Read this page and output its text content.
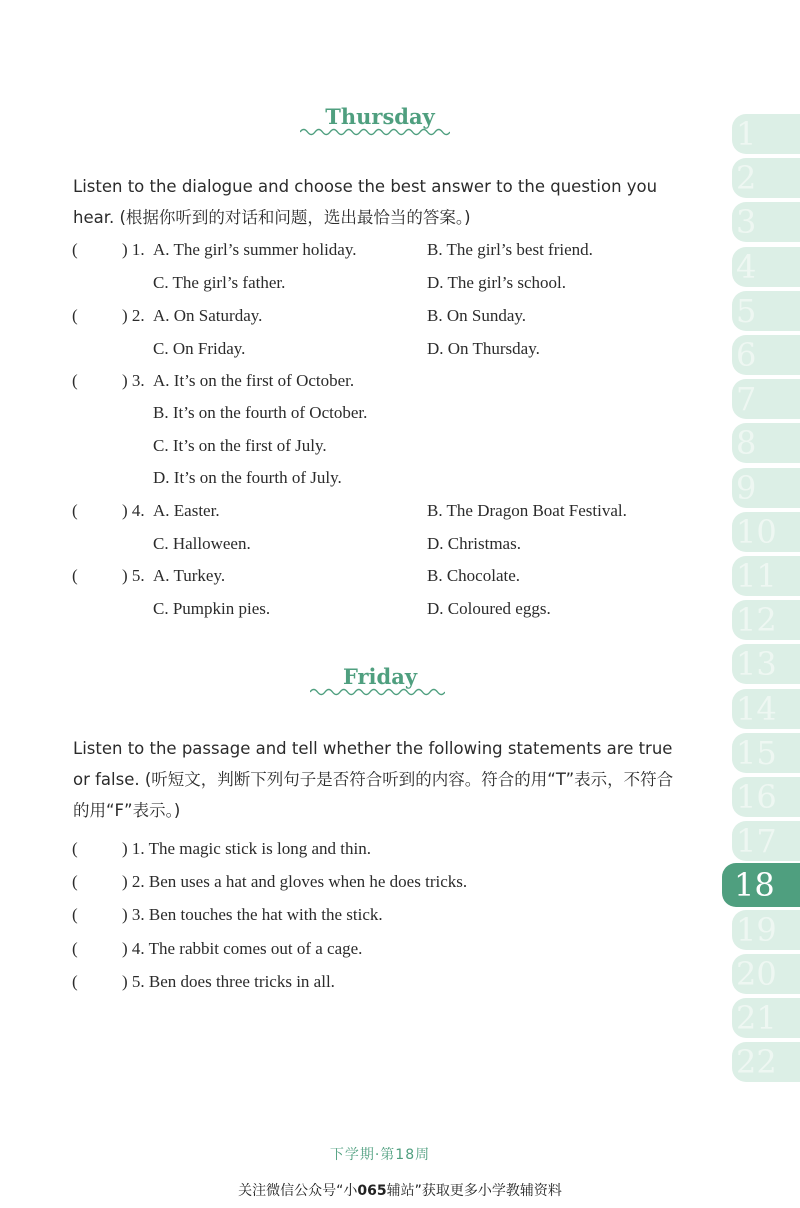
1
2
3
4
5
6
7
8
9
10
11
12
13
14
15
16
17
18
19
20
21
22
Thursday
Listen to the dialogue and choose the best answer to the question you hear. (根据你听到的对话和问题，选出最恰当的答案。)
(	) 1. A. The girl’s summer holiday.	B. The girl’s best friend.
C. The girl’s father.	D. The girl’s school.
(	) 2. A. On Saturday.	B. On Sunday.
C. On Friday.	D. On Thursday.
(	) 3. A. It’s on the first of October.
B. It’s on the fourth of October.
C. It’s on the first of July.
D. It’s on the fourth of July.
(	) 4. A. Easter.	B. The Dragon Boat Festival.
C. Halloween.	D. Christmas.
(	) 5. A. Turkey.	B. Chocolate.
C. Pumpkin pies.	D. Coloured eggs.
Friday
Listen to the passage and tell whether the following statements are true or false. (听短文，判断下列句子是否符合听到的内容。符合的用“T”表示，不符合的用“F”表示。)
(	) 1. The magic stick is long and thin.
(	) 2. Ben uses a hat and gloves when he does tricks.
(	) 3. Ben touches the hat with the stick.
(	) 4. The rabbit comes out of a cage.
(	) 5. Ben does three tricks in all.
下学期·第18周
关注微信公众号“小065辅站”获取更多小学教辅资料
